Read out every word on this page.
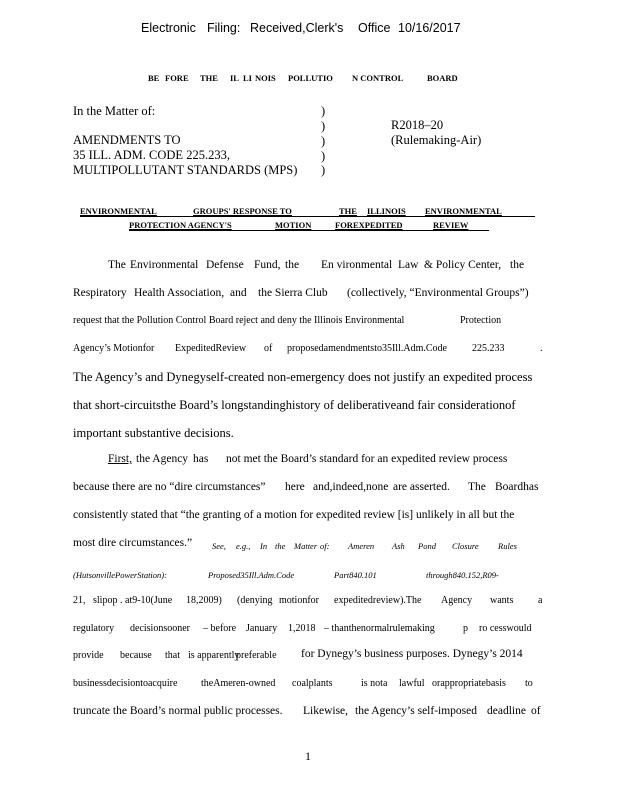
Electronic Filing: Received,Clerk's Office 10/16/2017
BE FORE THE IL LI NOIS POLLUTIO N CONTROL	BOARD
In the Matter of:
AMENDMENTS TO
35 ILL. ADM. CODE 225.233,
MULTIPOLLUTANT STANDARDS (MPS)
)
)
)
)
)
R2018–20
(Rulemaking-Air)
ENVIRONMENTAL	GROUPS' RESPONSE TO	THE ILLINOIS ENVIRONMENTAL
PROTECTION AGENCY'S	MOTION	FOREXPEDITED	REVIEW
The Environmental Defense Fund, the En vironmental Law & Policy Center, the
Respiratory Health Association, and the Sierra Club (collectively, “Environmental Groups”)
request that the Pollution Control Board reject and deny the Illinois Environmental	Protection
Agency’s Motionfor ExpeditedReview of proposedamendmentsto35Ill.Adm.Code	225.233	.
The Agency’s and Dynegyself-created non-emergency does not justify an expedited process
that short-circuitsthe Board’s longstandinghistory of deliberativeand fair considerationof
important substantive decisions.
First, the Agency has not met the Board’s standard for an expedited review process
because there are no “dire circumstances” here and,indeed,none are asserted. The Boardhas
consistently stated that “the granting of a motion for expedited review [is] unlikely in all but the
most dire circumstances.” See, e.g., In the Matter of: Ameren Ash Pond Closure Rules
(HutsonvillePowerStation):	Proposed35Ill.Adm.Code	Part840.101	through840.152,R09-
21, slipop . at9-10(June 18,2009) (denying motionfor expeditedreview).The Agency wants a
regulatory decisionsooner – before January 1,2018 – thanthenormalrulemaking	p ro cesswould
provide because that is apparently
preferable for Dynegy’s business purposes. Dynegy’s 2014
businessdecisiontoacquire theAmeren-owned coalplants	is nota lawful orappropriatebasis to
truncate the Board’s normal public processes. Likewise, the Agency’s self-imposed deadline of
1
